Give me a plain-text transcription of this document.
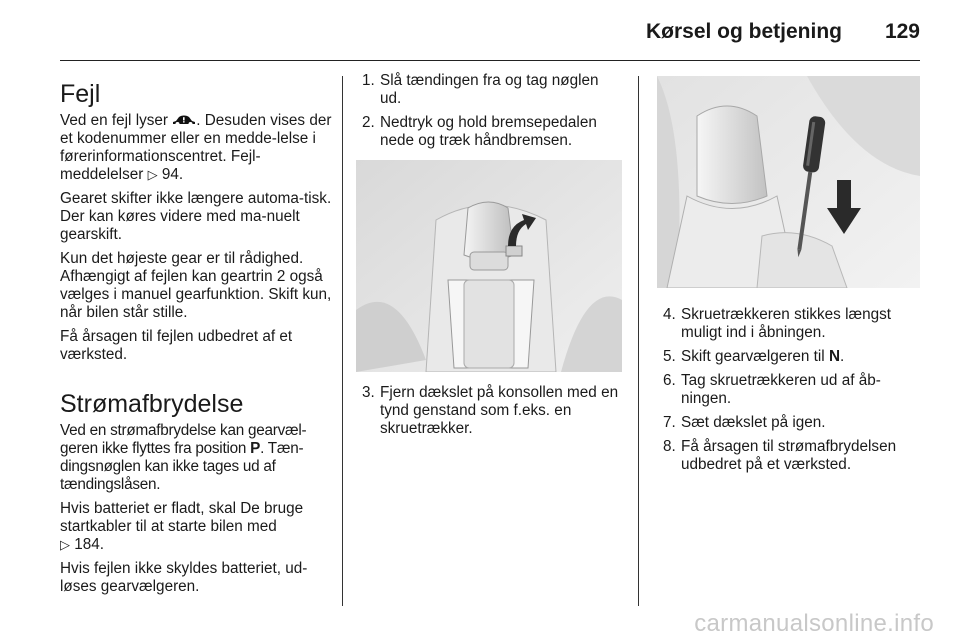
Kørsel og betjening 129
Fejl

Ved en fejl lyser . Desuden vises der et kodenummer eller en medde-lelse i førerinformationscentret. Fejl-meddelelser ▷ 94.

Gearet skifter ikke længere automa-tisk. Der kan køres videre med ma-nuelt gearskift.

Kun det højeste gear er til rådighed. Afhængigt af fejlen kan geartrin 2 også vælges i manuel gearfunktion. Skift kun, når bilen står stille.

Få årsagen til fejlen udbedret af et værksted.

Strømafbrydelse

Ved en strømafbrydelse kan gearvæl-geren ikke flyttes fra position P. Tæn-dingsnøglen kan ikke tages ud af tændingslåsen.

Hvis batteriet er fladt, skal De bruge startkabler til at starte bilen med
▷ 184.

Hvis fejlen ikke skyldes batteriet, ud-løses gearvælgeren.

1. Slå tændingen fra og tag nøglen ud.
2. Nedtryk og hold bremsepedalen nede og træk håndbremsen.
3. Fjern dækslet på konsollen med en tynd genstand som f.eks. en skruetrækker.
4. Skruetrækkeren stikkes længst muligt ind i åbningen.
5. Skift gearvælgeren til N.
6. Tag skruetrækkeren ud af åb-ningen.
7. Sæt dækslet på igen.
8. Få årsagen til strømafbrydelsen udbedret på et værksted.
carmanualsonline.info
